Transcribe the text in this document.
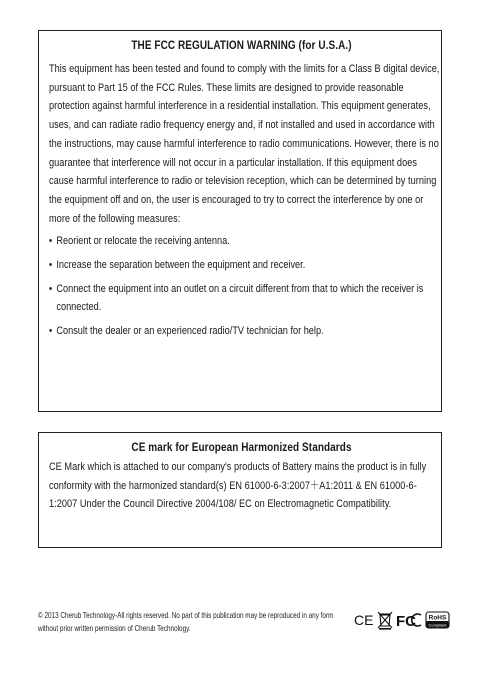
THE FCC REGULATION WARNING (for U.S.A.)

This equipment has been tested and found to comply with the limits for a Class B digital device, pursuant to Part 15 of the FCC Rules. These limits are designed to provide reasonable protection against harmful interference in a residential installation. This equipment generates, uses, and can radiate radio frequency energy and, if not installed and used in accordance with the instructions, may cause harmful interference to radio communications. However, there is no guarantee that interference will not occur in a particular installation. If this equipment does cause harmful interference to radio or television reception, which can be determined by turning the equipment off and on, the user is encouraged to try to correct the interference by one or more of the following measures:

• Reorient or relocate the receiving antenna.
• Increase the separation between the equipment and receiver.
• Connect the equipment into an outlet on a circuit different from that to which the receiver is connected.
• Consult the dealer or an experienced radio/TV technician for help.
CE mark for European Harmonized Standards

CE Mark which is attached to our company's products of Battery mains the product is in fully conformity with the harmonized standard(s) EN 61000-6-3:2007＋A1:2011 & EN 61000-6-1:2007 Under the Council Directive 2004/108/ EC on Electromagnetic Compatibility.

© 2013 Cherub Technology-All rights reserved. No part of this publication may be reproduced in any form without prior written permission of Cherub Technology.	CE FC RoHS
Compliant
